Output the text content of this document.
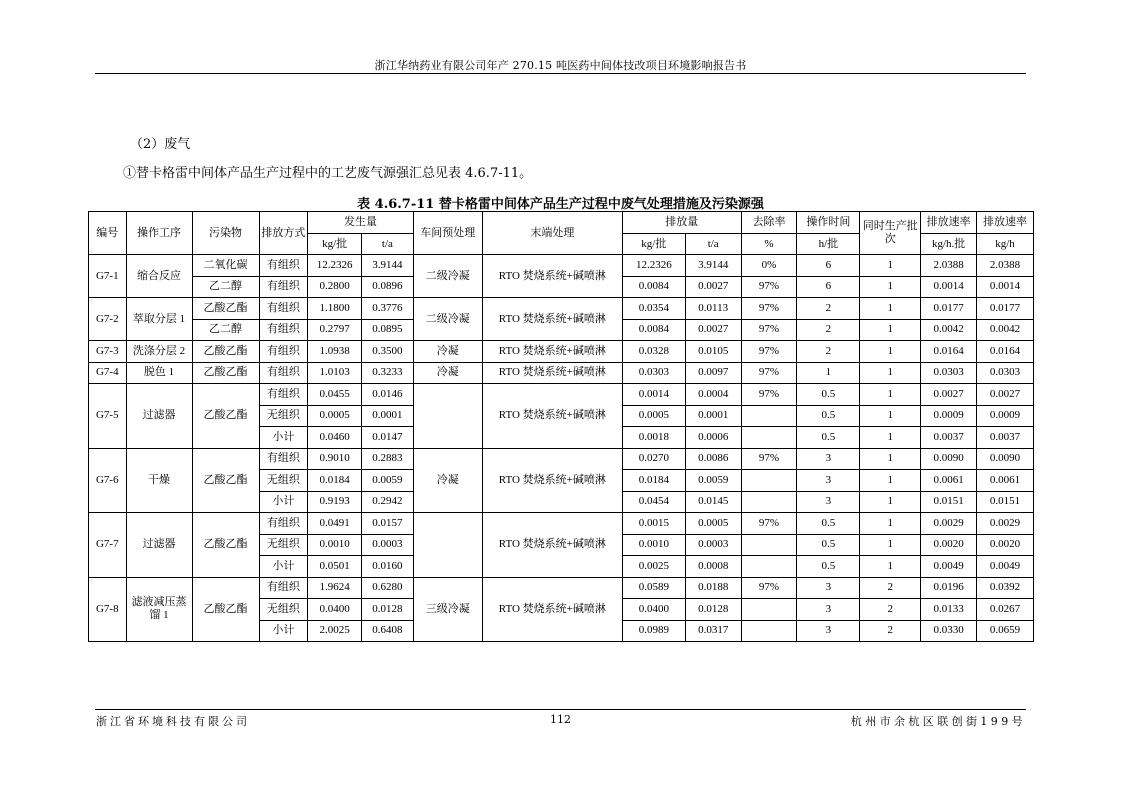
浙江华纳药业有限公司年产 270.15 吨医药中间体技改项目环境影响报告书
（2）废气
①替卡格雷中间体产品生产过程中的工艺废气源强汇总见表 4.6.7-11。
表 4.6.7-11 替卡格雷中间体产品生产过程中废气处理措施及污染源强
编号	操作工序	污染物	排放方式	发生量		车间预处理	末端处理	排放量		去除率	操作时间	同时生产批次	排放速率	排放速率
				kg/批	t/a			kg/批	t/a	%	h/批		kg/h.批	kg/h
G7-1	缩合反应	二氧化碳	有组织	12.2326	3.9144	二级冷凝	RTO 焚烧系统+碱喷淋	12.2326	3.9144	0%	6	1	2.0388	2.0388
		乙二醇	有组织	0.2800	0.0896			0.0084	0.0027	97%	6	1	0.0014	0.0014
G7-2	萃取分层 1	乙酸乙酯	有组织	1.1800	0.3776	二级冷凝	RTO 焚烧系统+碱喷淋	0.0354	0.0113	97%	2	1	0.0177	0.0177
		乙二醇	有组织	0.2797	0.0895			0.0084	0.0027	97%	2	1	0.0042	0.0042
G7-3	洗涤分层 2	乙酸乙酯	有组织	1.0938	0.3500	冷凝	RTO 焚烧系统+碱喷淋	0.0328	0.0105	97%	2	1	0.0164	0.0164
G7-4	脱色 1	乙酸乙酯	有组织	1.0103	0.3233	冷凝	RTO 焚烧系统+碱喷淋	0.0303	0.0097	97%	1	1	0.0303	0.0303
G7-5	过滤器	乙酸乙酯	有组织	0.0455	0.0146		RTO 焚烧系统+碱喷淋	0.0014	0.0004	97%	0.5	1	0.0027	0.0027
			无组织	0.0005	0.0001			0.0005	0.0001		0.5	1	0.0009	0.0009
			小计	0.0460	0.0147			0.0018	0.0006		0.5	1	0.0037	0.0037
G7-6	干燥	乙酸乙酯	有组织	0.9010	0.2883	冷凝	RTO 焚烧系统+碱喷淋	0.0270	0.0086	97%	3	1	0.0090	0.0090
			无组织	0.0184	0.0059			0.0184	0.0059		3	1	0.0061	0.0061
			小计	0.9193	0.2942			0.0454	0.0145		3	1	0.0151	0.0151
G7-7	过滤器	乙酸乙酯	有组织	0.0491	0.0157		RTO 焚烧系统+碱喷淋	0.0015	0.0005	97%	0.5	1	0.0029	0.0029
			无组织	0.0010	0.0003			0.0010	0.0003		0.5	1	0.0020	0.0020
			小计	0.0501	0.0160			0.0025	0.0008		0.5	1	0.0049	0.0049
G7-8	滤液减压蒸馏 1	乙酸乙酯	有组织	1.9624	0.6280	三级冷凝	RTO 焚烧系统+碱喷淋	0.0589	0.0188	97%	3	2	0.0196	0.0392
			无组织	0.0400	0.0128			0.0400	0.0128		3	2	0.0133	0.0267
			小计	2.0025	0.6408			0.0989	0.0317		3	2	0.0330	0.0659
浙江省环境科技有限公司	112	杭州市余杭区联创街199号
